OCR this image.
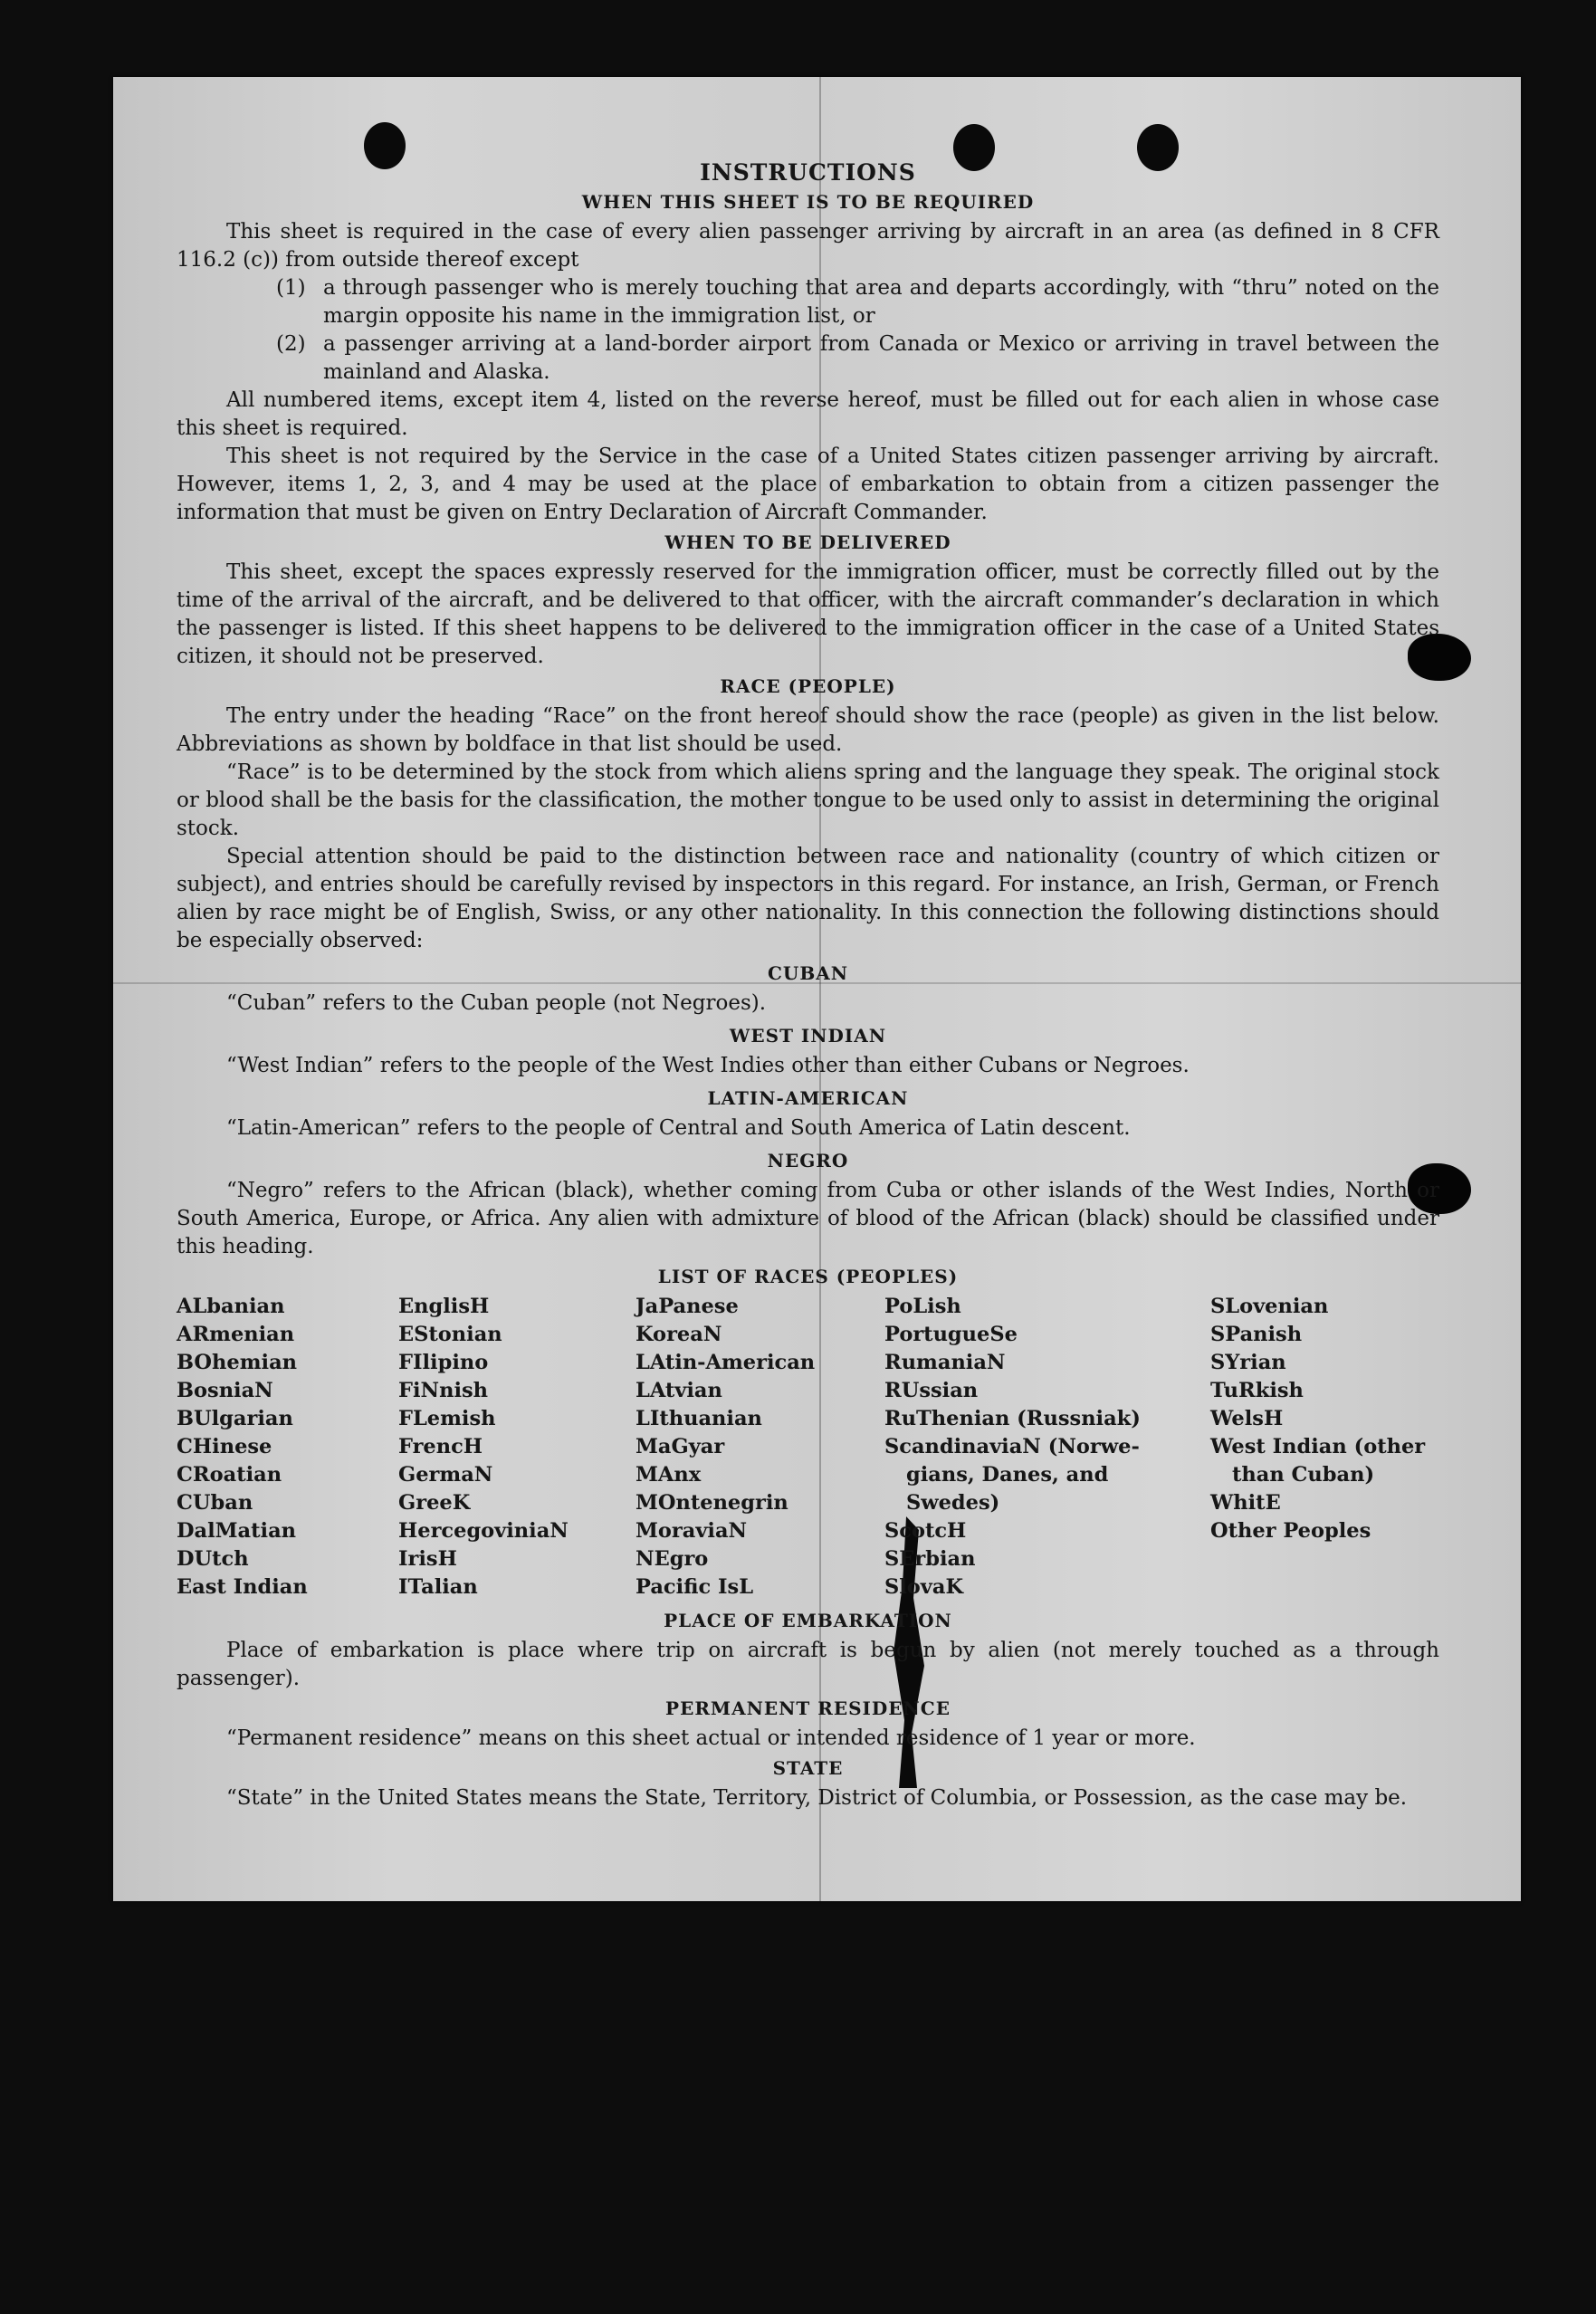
INSTRUCTIONS
WHEN THIS SHEET IS TO BE REQUIRED

This sheet is required in the case of every alien passenger arriving by aircraft in an area (as defined in 8 CFR 116.2 (c)) from outside thereof except

(1) a through passenger who is merely touching that area and departs accordingly, with “thru” noted on the margin opposite his name in the immigration list, or
(2) a passenger arriving at a land-border airport from Canada or Mexico or arriving in travel between the mainland and Alaska.

All numbered items, except item 4, listed on the reverse hereof, must be filled out for each alien in whose case this sheet is required.

This sheet is not required by the Service in the case of a United States citizen passenger arriving by aircraft. However, items 1, 2, 3, and 4 may be used at the place of embarkation to obtain from a citizen passenger the information that must be given on Entry Declaration of Aircraft Commander.

WHEN TO BE DELIVERED

This sheet, except the spaces expressly reserved for the immigration officer, must be correctly filled out by the time of the arrival of the aircraft, and be delivered to that officer, with the aircraft commander’s declaration in which the passenger is listed. If this sheet happens to be delivered to the immigration officer in the case of a United States citizen, it should not be preserved.

RACE (PEOPLE)

The entry under the heading “Race” on the front hereof should show the race (people) as given in the list below. Abbreviations as shown by boldface in that list should be used.

“Race” is to be determined by the stock from which aliens spring and the language they speak. The original stock or blood shall be the basis for the classification, the mother tongue to be used only to assist in determining the original stock.

Special attention should be paid to the distinction between race and nationality (country of which citizen or subject), and entries should be carefully revised by inspectors in this regard. For instance, an Irish, German, or French alien by race might be of English, Swiss, or any other nationality. In this connection the following distinctions should be especially observed:

CUBAN

“Cuban” refers to the Cuban people (not Negroes).

WEST INDIAN

“West Indian” refers to the people of the West Indies other than either Cubans or Negroes.

LATIN-AMERICAN

“Latin-American” refers to the people of Central and South America of Latin descent.

NEGRO

“Negro” refers to the African (black), whether coming from Cuba or other islands of the West Indies, North or South America, Europe, or Africa. Any alien with admixture of blood of the African (black) should be classified under this heading.

LIST OF RACES (PEOPLES)
ALbanian
ARmenian
BOhemian
BosniaN
BUlgarian
CHinese
CRoatian
CUban
DalMatian
DUtch
East Indian
EnglisH
EStonian
FIlipino
FiNnish
FLemish
FrencH
GermaN
GreeK
HercegoviniaN
IrisH
ITalian
JaPanese
KoreaN
LAtin-American
LAtvian
LIthuanian
MaGyar
MAnx
MOntenegrin
MoraviaN
NEgro
Pacific IsL
PoLish
PortugueSe
RumaniaN
RUssian
RuThenian (Russniak)
ScandinaviaN (Norwe-
gians, Danes, and
Swedes)
ScotcH
SErbian
SlovaK
SLovenian
SPanish
SYrian
TuRkish
WelsH
West Indian (other
than Cuban)
WhitE
Other Peoples
PLACE OF EMBARKATION

Place of embarkation is place where trip on aircraft is begun by alien (not merely touched as a through passenger).

PERMANENT RESIDENCE

“Permanent residence” means on this sheet actual or intended residence of 1 year or more.

STATE

“State” in the United States means the State, Territory, District of Columbia, or Possession, as the case may be.
